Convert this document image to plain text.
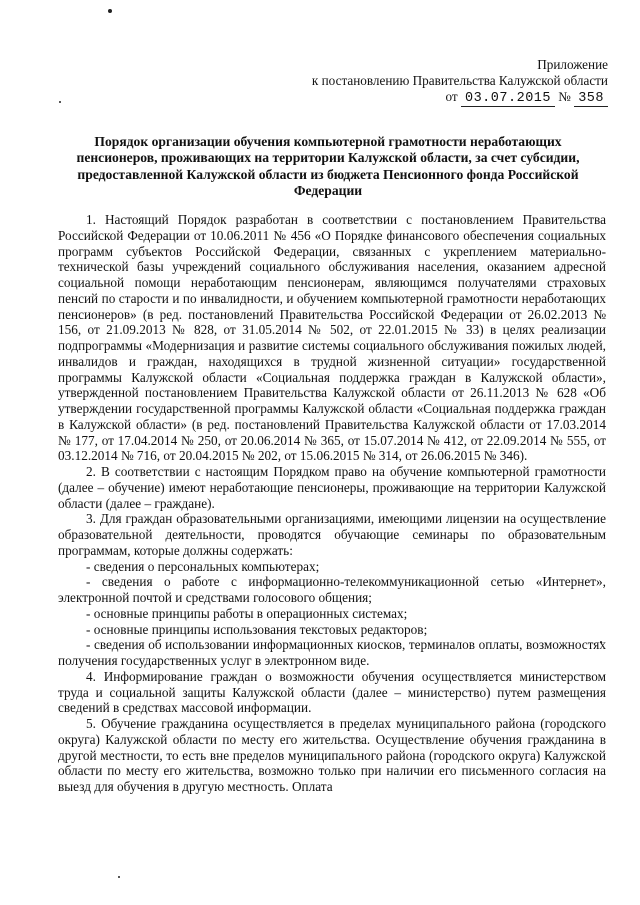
Приложение
к постановлению Правительства Калужской области
от 03.07.2015 № 358
Порядок организации обучения компьютерной грамотности неработающих пенсионеров, проживающих на территории Калужской области, за счет субсидии, предоставленной Калужской области из бюджета Пенсионного фонда Российской Федерации

1. Настоящий Порядок разработан в соответствии с постановлением Правительства Российской Федерации от 10.06.2011 № 456 «О Порядке финансового обеспечения социальных программ субъектов Российской Федерации, связанных с укреплением материально-технической базы учреждений социального обслуживания населения, оказанием адресной социальной помощи неработающим пенсионерам, являющимся получателями страховых пенсий по старости и по инвалидности, и обучением компьютерной грамотности неработающих пенсионеров» (в ред. постановлений Правительства Российской Федерации от 26.02.2013 № 156, от 21.09.2013 № 828, от 31.05.2014 № 502, от 22.01.2015 № 33) в целях реализации подпрограммы «Модернизация и развитие системы социального обслуживания пожилых людей, инвалидов и граждан, находящихся в трудной жизненной ситуации» государственной программы Калужской области «Социальная поддержка граждан в Калужской области», утвержденной постановлением Правительства Калужской области от 26.11.2013 № 628 «Об утверждении государственной программы Калужской области «Социальная поддержка граждан в Калужской области» (в ред. постановлений Правительства Калужской области от 17.03.2014 № 177, от 17.04.2014 № 250, от 20.06.2014 № 365, от 15.07.2014 № 412, от 22.09.2014 № 555, от 03.12.2014 № 716, от 20.04.2015 № 202, от 15.06.2015 № 314, от 26.06.2015 № 346).

2. В соответствии с настоящим Порядком право на обучение компьютерной грамотности (далее – обучение) имеют неработающие пенсионеры, проживающие на территории Калужской области (далее – граждане).

3. Для граждан образовательными организациями, имеющими лицензии на осуществление образовательной деятельности, проводятся обучающие семинары по образовательным программам, которые должны содержать:

- сведения о персональных компьютерах;

- сведения о работе с информационно-телекоммуникационной сетью «Интернет», электронной почтой и средствами голосового общения;

- основные принципы работы в операционных системах;

- основные принципы использования текстовых редакторов;

- сведения об использовании информационных киосков, терминалов оплаты, возможностях получения государственных услуг в электронном виде.

4. Информирование граждан о возможности обучения осуществляется министерством труда и социальной защиты Калужской области (далее – министерство) путем размещения сведений в средствах массовой информации.

5. Обучение гражданина осуществляется в пределах муниципального района (городского округа) Калужской области по месту его жительства. Осуществление обучения гражданина в другой местности, то есть вне пределов муниципального района (городского округа) Калужской области по месту его жительства, возможно только при наличии его письменного согласия на выезд для обучения в другую местность. Оплата
